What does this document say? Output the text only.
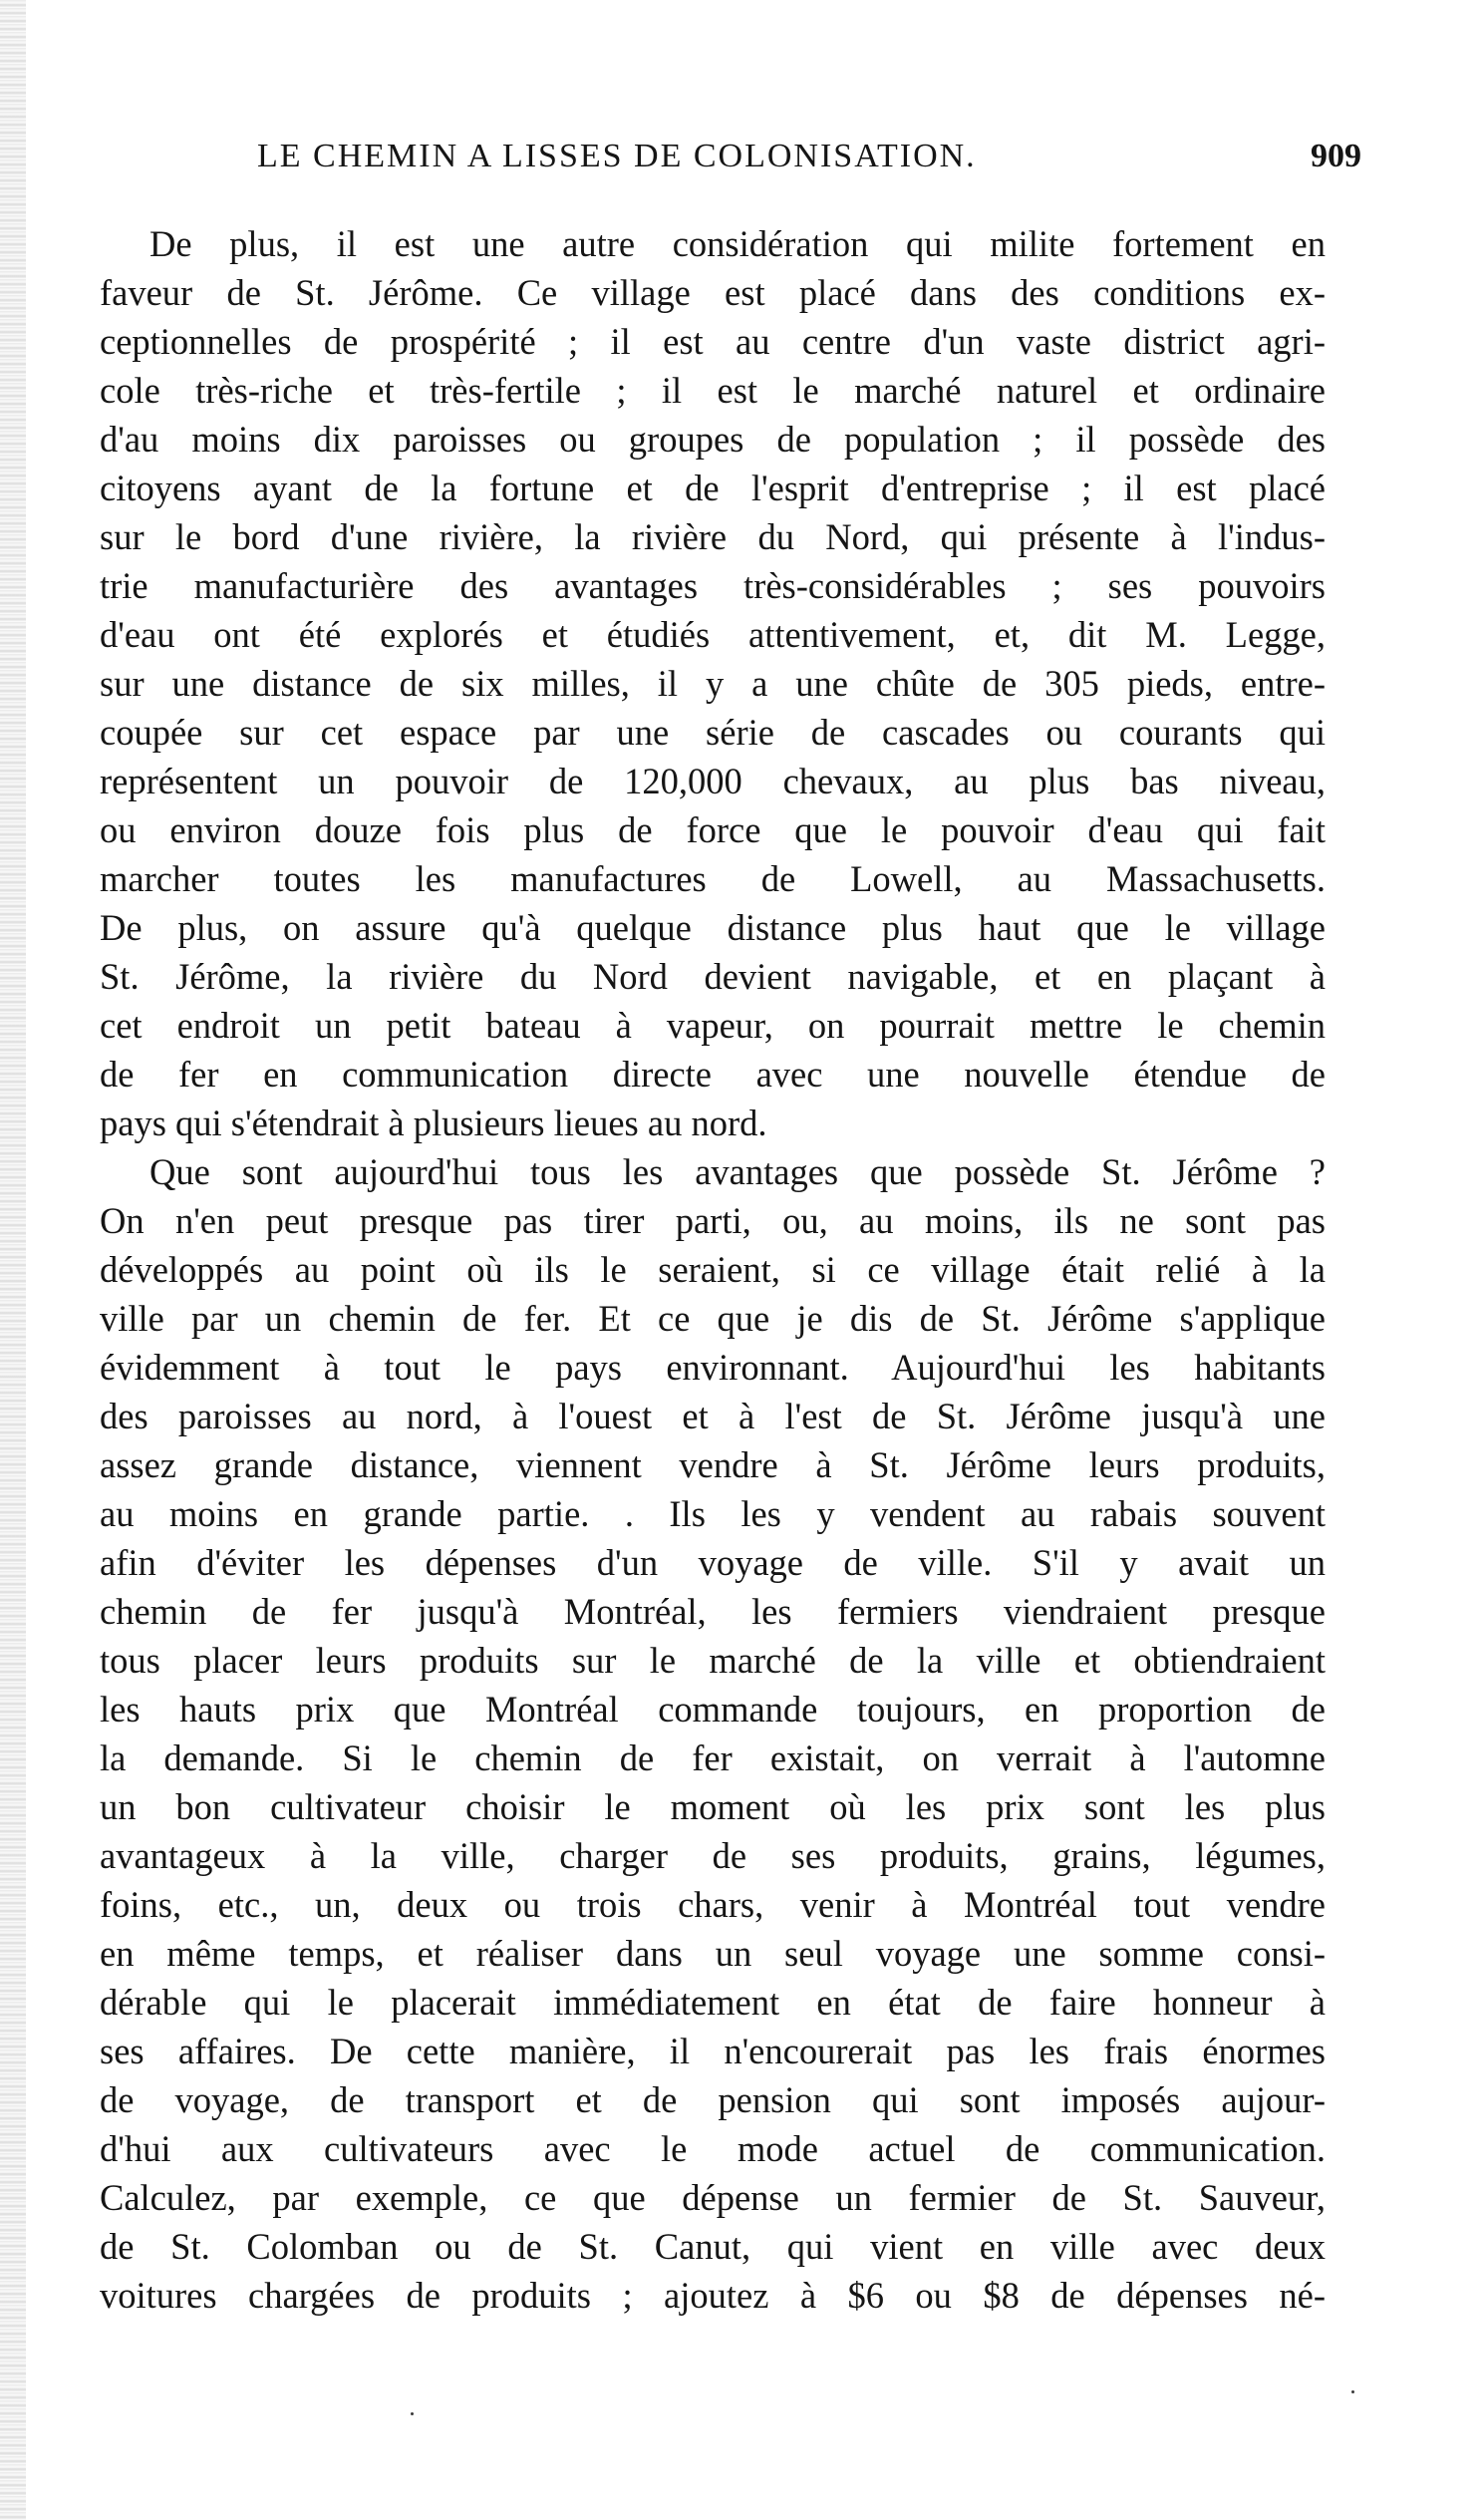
LE CHEMIN A LISSES DE COLONISATION.	909
De plus, il est une autre considération qui milite fortement en
faveur de St. Jérôme. Ce village est placé dans des conditions ex-
ceptionnelles de prospérité ; il est au centre d'un vaste district agri-
cole très-riche et très-fertile ; il est le marché naturel et ordinaire
d'au moins dix paroisses ou groupes de population ; il possède des
citoyens ayant de la fortune et de l'esprit d'entreprise ; il est placé
sur le bord d'une rivière, la rivière du Nord, qui présente à l'indus-
trie manufacturière des avantages très-considérables ; ses pouvoirs
d'eau ont été explorés et étudiés attentivement, et, dit M. Legge,
sur une distance de six milles, il y a une chûte de 305 pieds, entre-
coupée sur cet espace par une série de cascades ou courants qui
représentent un pouvoir de 120,000 chevaux, au plus bas niveau,
ou environ douze fois plus de force que le pouvoir d'eau qui fait
marcher toutes les manufactures de Lowell, au Massachusetts.
De plus, on assure qu'à quelque distance plus haut que le village
St. Jérôme, la rivière du Nord devient navigable, et en plaçant à
cet endroit un petit bateau à vapeur, on pourrait mettre le chemin
de fer en communication directe avec une nouvelle étendue de
pays qui s'étendrait à plusieurs lieues au nord.
Que sont aujourd'hui tous les avantages que possède St. Jérôme ?
On n'en peut presque pas tirer parti, ou, au moins, ils ne sont pas
développés au point où ils le seraient, si ce village était relié à la
ville par un chemin de fer. Et ce que je dis de St. Jérôme s'applique
évidemment à tout le pays environnant. Aujourd'hui les habitants
des paroisses au nord, à l'ouest et à l'est de St. Jérôme jusqu'à une
assez grande distance, viennent vendre à St. Jérôme leurs produits,
au moins en grande partie. . Ils les y vendent au rabais souvent
afin d'éviter les dépenses d'un voyage de ville. S'il y avait un
chemin de fer jusqu'à Montréal, les fermiers viendraient presque
tous placer leurs produits sur le marché de la ville et obtiendraient
les hauts prix que Montréal commande toujours, en proportion de
la demande. Si le chemin de fer existait, on verrait à l'automne
un bon cultivateur choisir le moment où les prix sont les plus
avantageux à la ville, charger de ses produits, grains, légumes,
foins, etc., un, deux ou trois chars, venir à Montréal tout vendre
en même temps, et réaliser dans un seul voyage une somme consi-
dérable qui le placerait immédiatement en état de faire honneur à
ses affaires. De cette manière, il n'encourerait pas les frais énormes
de voyage, de transport et de pension qui sont imposés aujour-
d'hui aux cultivateurs avec le mode actuel de communication.
Calculez, par exemple, ce que dépense un fermier de St. Sauveur,
de St. Colomban ou de St. Canut, qui vient en ville avec deux
voitures chargées de produits ; ajoutez à $6 ou $8 de dépenses né-
